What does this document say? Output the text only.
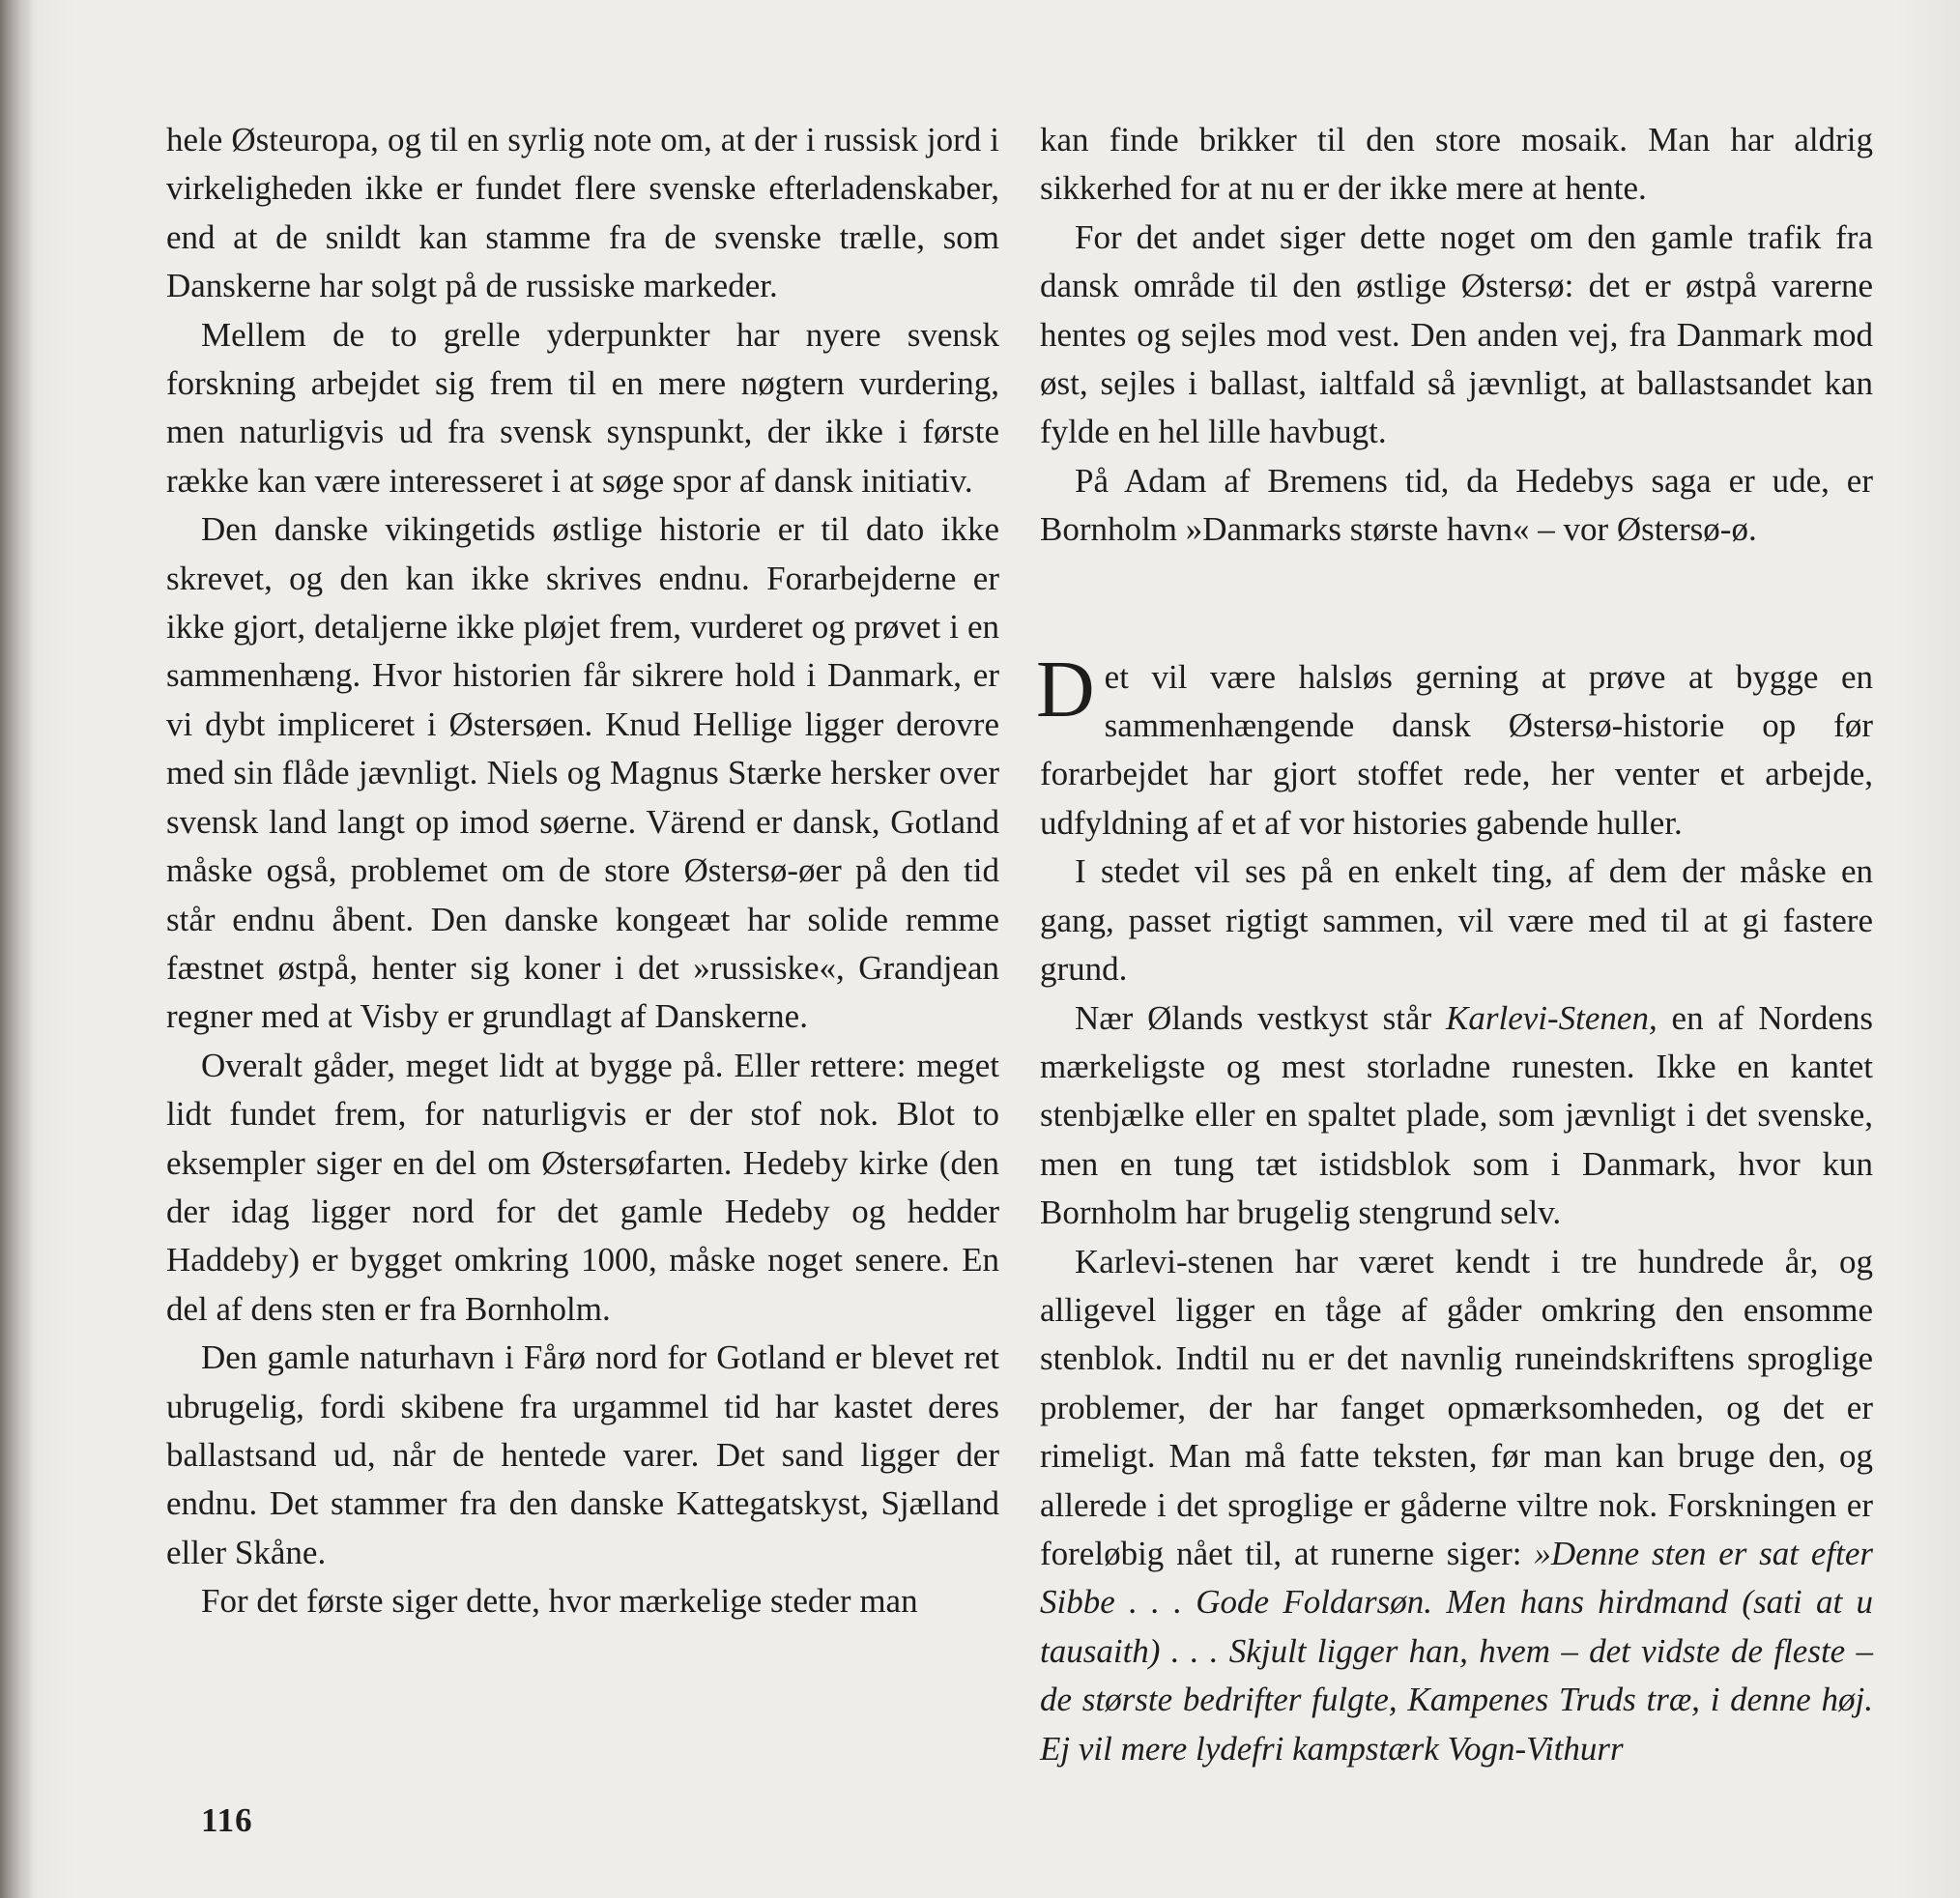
hele Østeuropa, og til en syrlig note om, at der i russisk jord i virkeligheden ikke er fundet flere svenske efterladenskaber, end at de snildt kan stamme fra de svenske trælle, som Danskerne har solgt på de russiske markeder.

Mellem de to grelle yderpunkter har nyere svensk forskning arbejdet sig frem til en mere nøgtern vurdering, men naturligvis ud fra svensk synspunkt, der ikke i første række kan være interesseret i at søge spor af dansk initiativ.

Den danske vikingetids østlige historie er til dato ikke skrevet, og den kan ikke skrives endnu. Forarbejderne er ikke gjort, detaljerne ikke pløjet frem, vurderet og prøvet i en sammenhæng. Hvor historien får sikrere hold i Danmark, er vi dybt impliceret i Østersøen. Knud Hellige ligger derovre med sin flåde jævnligt. Niels og Magnus Stærke hersker over svensk land langt op imod søerne. Värend er dansk, Gotland måske også, problemet om de store Østersø-øer på den tid står endnu åbent. Den danske kongeæt har solide remme fæstnet østpå, henter sig koner i det »russiske«, Grandjean regner med at Visby er grundlagt af Danskerne.

Overalt gåder, meget lidt at bygge på. Eller rettere: meget lidt fundet frem, for naturligvis er der stof nok. Blot to eksempler siger en del om Østersøfarten. Hedeby kirke (den der idag ligger nord for det gamle Hedeby og hedder Haddeby) er bygget omkring 1000, måske noget senere. En del af dens sten er fra Bornholm.

Den gamle naturhavn i Fårø nord for Gotland er blevet ret ubrugelig, fordi skibene fra urgammel tid har kastet deres ballastsand ud, når de hentede varer. Det sand ligger der endnu. Det stammer fra den danske Kattegatskyst, Sjælland eller Skåne.

For det første siger dette, hvor mærkelige steder man

kan finde brikker til den store mosaik. Man har aldrig sikkerhed for at nu er der ikke mere at hente.

For det andet siger dette noget om den gamle trafik fra dansk område til den østlige Østersø: det er østpå varerne hentes og sejles mod vest. Den anden vej, fra Danmark mod øst, sejles i ballast, ialtfald så jævnligt, at ballastsandet kan fylde en hel lille havbugt.

På Adam af Bremens tid, da Hedebys saga er ude, er Bornholm »Danmarks største havn« – vor Østersø-ø.

Det vil være halsløs gerning at prøve at bygge en sammenhængende dansk Østersø-historie op før forarbejdet har gjort stoffet rede, her venter et arbejde, udfyldning af et af vor histories gabende huller.

I stedet vil ses på en enkelt ting, af dem der måske en gang, passet rigtigt sammen, vil være med til at gi fastere grund.

Nær Ølands vestkyst står Karlevi-Stenen, en af Nordens mærkeligste og mest storladne runesten. Ikke en kantet stenbjælke eller en spaltet plade, som jævnligt i det svenske, men en tung tæt istidsblok som i Danmark, hvor kun Bornholm har brugelig stengrund selv.

Karlevi-stenen har været kendt i tre hundrede år, og alligevel ligger en tåge af gåder omkring den ensomme stenblok. Indtil nu er det navnlig runeindskriftens sproglige problemer, der har fanget opmærksomheden, og det er rimeligt. Man må fatte teksten, før man kan bruge den, og allerede i det sproglige er gåderne viltre nok. Forskningen er foreløbig nået til, at runerne siger: »Denne sten er sat efter Sibbe . . . Gode Foldarsøn. Men hans hirdmand (sati at u tausaith) . . . Skjult ligger han, hvem – det vidste de fleste – de største bedrifter fulgte, Kampenes Truds træ, i denne høj. Ej vil mere lydefri kampstærk Vogn-Vithurr

116
